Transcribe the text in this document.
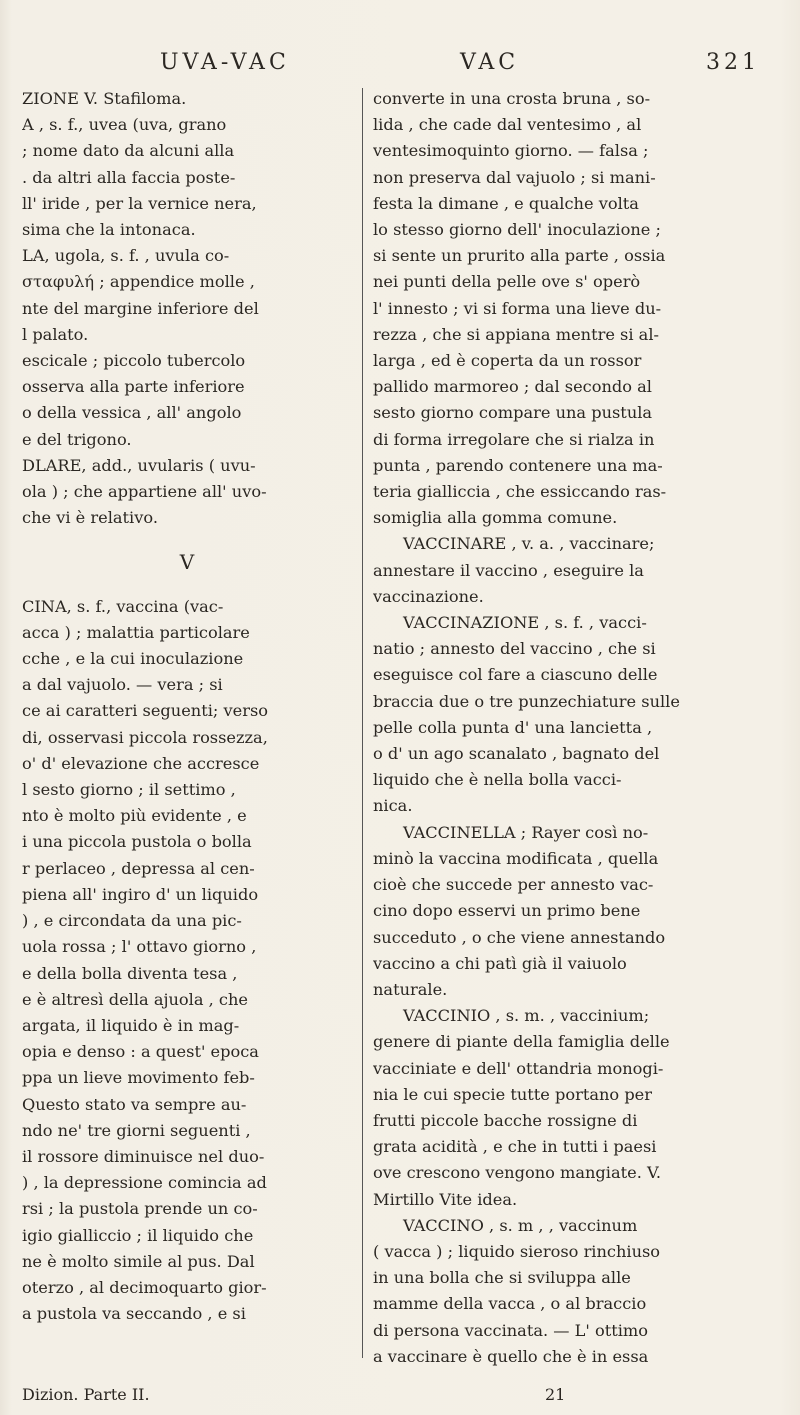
UVA-VAC	VAC	321
ZIONE V. Stafiloma.
A , s. f., uvea (uva, grano
; nome dato da alcuni alla
. da altri alla faccia poste-
ll' iride , per la vernice nera,
sima che la intonaca.
LA, ugola, s. f. , uvula co-
σταφυλή ; appendice molle ,
nte del margine inferiore del
l palato.
escicale ; piccolo tubercolo
osserva alla parte inferiore
o della vessica , all' angolo
e del trigono.
DLARE, add., uvularis ( uvu-
ola ) ; che appartiene all' uvo-
che vi è relativo.
V
CINA, s. f., vaccina (vac-
acca ) ; malattia particolare
cche , e la cui inoculazione
a dal vajuolo. — vera ; si
ce ai caratteri seguenti; verso
di, osservasi piccola rossezza,
o' d' elevazione che accresce
l sesto giorno ; il settimo ,
nto è molto più evidente , e
i una piccola pustola o bolla
r perlaceo , depressa al cen-
piena all' ingiro d' un liquido
) , e circondata da una pic-
uola rossa ; l' ottavo giorno ,
e della bolla diventa tesa ,
e è altresì della ajuola , che
argata, il liquido è in mag-
opia e denso : a quest' epoca
ppa un lieve movimento feb-
Questo stato va sempre au-
ndo ne' tre giorni seguenti ,
il rossore diminuisce nel duo-
) , la depressione comincia ad
rsi ; la pustola prende un co-
igio gialliccio ; il liquido che
ne è molto simile al pus. Dal
oterzo , al decimoquarto gior-
a pustola va seccando , e si
converte in una crosta bruna , so-
lida , che cade dal ventesimo , al
ventesimoquinto giorno. — falsa ;
non preserva dal vajuolo ; si mani-
festa la dimane , e qualche volta
lo stesso giorno dell' inoculazione ;
si sente un prurito alla parte , ossia
nei punti della pelle ove s' operò
l' innesto ; vi si forma una lieve du-
rezza , che si appiana mentre si al-
larga , ed è coperta da un rossor
pallido marmoreo ; dal secondo al
sesto giorno compare una pustula
di forma irregolare che si rialza in
punta , parendo contenere una ma-
teria gialliccia , che essiccando ras-
somiglia alla gomma comune.
VACCINARE , v. a. , vaccinare;
annestare il vaccino , eseguire la
vaccinazione.
VACCINAZIONE , s. f. , vacci-
natio ; annesto del vaccino , che si
eseguisce col fare a ciascuno delle
braccia due o tre punzechiature sulle
pelle colla punta d' una lancietta ,
o d' un ago scanalato , bagnato del
liquido che è nella bolla vacci-
nica.
VACCINELLA ; Rayer così no-
minò la vaccina modificata , quella
cioè che succede per annesto vac-
cino dopo esservi un primo bene
succeduto , o che viene annestando
vaccino a chi patì già il vaiuolo
naturale.
VACCINIO , s. m. , vaccinium;
genere di piante della famiglia delle
vacciniate e dell' ottandria monogi-
nia le cui specie tutte portano per
frutti piccole bacche rossigne di
grata acidità , e che in tutti i paesi
ove crescono vengono mangiate. V.
Mirtillo Vite idea.
VACCINO , s. m , , vaccinum
( vacca ) ; liquido sieroso rinchiuso
in una bolla che si sviluppa alle
mamme della vacca , o al braccio
di persona vaccinata. — L' ottimo
a vaccinare è quello che è in essa
Dizion. Parte II.	21
